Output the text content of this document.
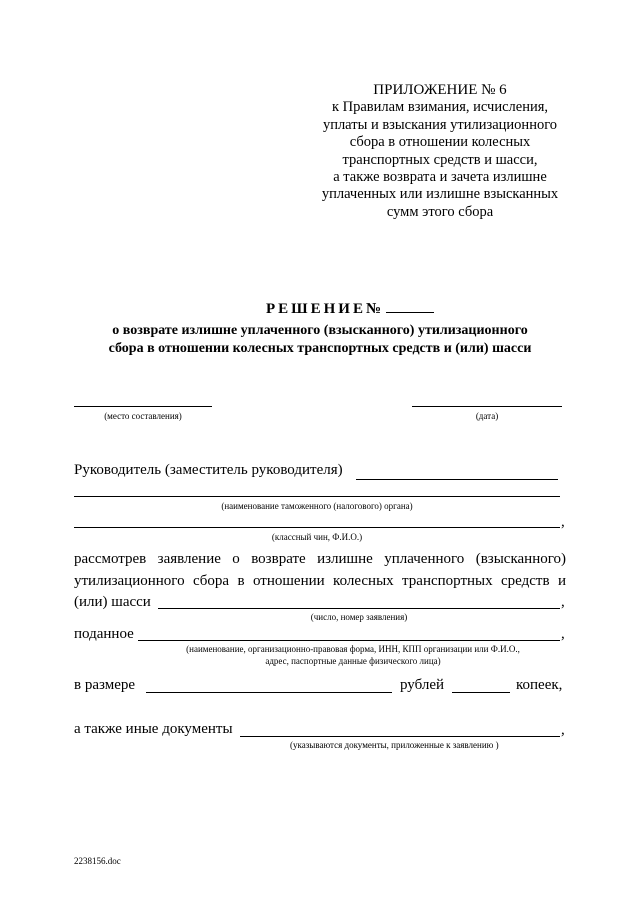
ПРИЛОЖЕНИЕ № 6
к Правилам взимания, исчисления,
уплаты и взыскания утилизационного
сбора в отношении колесных
транспортных средств и шасси,
а также возврата и зачета излишне
уплаченных или излишне взысканных
сумм этого сбора
РЕШЕНИЕ№
о возврате излишне уплаченного (взысканного) утилизационного
сбора в отношении колесных транспортных средств и (или) шасси
(место составления)	(дата)
Руководитель (заместитель руководителя)
(наименование таможенного (налогового) органа)
,
(классный чин, Ф.И.О.)
рассмотрев заявление о возврате излишне уплаченного (взысканного)
утилизационного сбора в отношении колесных транспортных средств и
(или) шасси	,
(число, номер заявления)
поданное	,
(наименование, организационно-правовая форма, ИНН, КПП организации или Ф.И.О.,
адрес, паспортные данные физического лица)
в размере	рублей	копеек,
а также иные документы	,
(указываются документы, приложенные к заявлению )
2238156.doc
